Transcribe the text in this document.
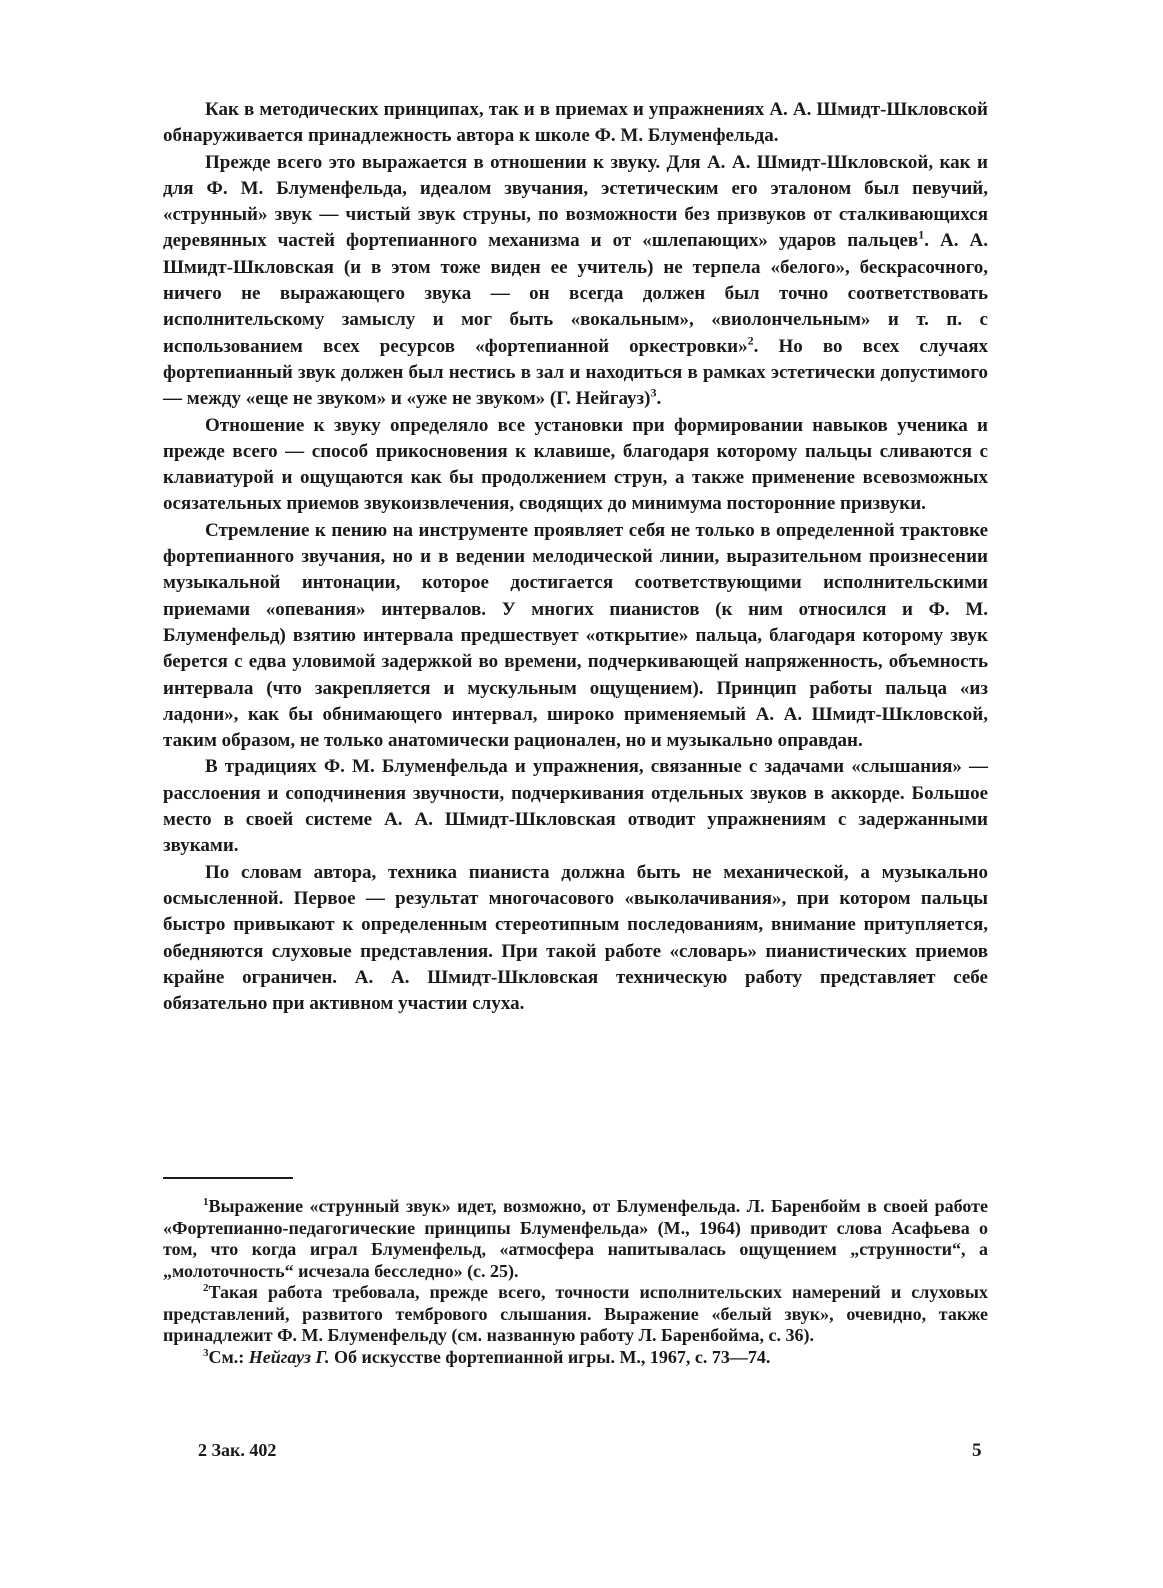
Как в методических принципах, так и в приемах и упражнениях А. А. Шмидт-Шкловской обнаруживается принадлежность автора к школе Ф. М. Блуменфельда.

Прежде всего это выражается в отношении к звуку. Для А. А. Шмидт-Шкловской, как и для Ф. М. Блуменфельда, идеалом звучания, эстетическим его эталоном был певучий, «струнный» звук — чистый звук струны, по возможности без призвуков от сталкивающихся деревянных частей фортепианного механизма и от «шлепающих» ударов пальцев$^1$. А. А. Шмидт-Шкловская (и в этом тоже виден ее учитель) не терпела «белого», бескрасочного, ничего не выражающего звука — он всегда должен был точно соответствовать исполнительскому замыслу и мог быть «вокальным», «виолончельным» и т. п. с использованием всех ресурсов «фортепианной оркестровки»$^2$. Но во всех случаях фортепианный звук должен был нестись в зал и находиться в рамках эстетически допустимого — между «еще не звуком» и «уже не звуком» (Г. Нейгауз)$^3$.

Отношение к звуку определяло все установки при формировании навыков ученика и прежде всего — способ прикосновения к клавише, благодаря которому пальцы сливаются с клавиатурой и ощущаются как бы продолжением струн, а также применение всевозможных осязательных приемов звукоизвлечения, сводящих до минимума посторонние призвуки.

Стремление к пению на инструменте проявляет себя не только в определенной трактовке фортепианного звучания, но и в ведении мелодической линии, выразительном произнесении музыкальной интонации, которое достигается соответствующими исполнительскими приемами «опевания» интервалов. У многих пианистов (к ним относился и Ф. М. Блуменфельд) взятию интервала предшествует «открытие» пальца, благодаря которому звук берется с едва уловимой задержкой во времени, подчеркивающей напряженность, объемность интервала (что закрепляется и мускульным ощущением). Принцип работы пальца «из ладони», как бы обнимающего интервал, широко применяемый А. А. Шмидт-Шкловской, таким образом, не только анатомически рационален, но и музыкально оправдан.

В традициях Ф. М. Блуменфельда и упражнения, связанные с задачами «слышания» — расслоения и соподчинения звучности, подчеркивания отдельных звуков в аккорде. Большое место в своей системе А. А. Шмидт-Шкловская отводит упражнениям с задержанными звуками.

По словам автора, техника пианиста должна быть не механической, а музыкально осмысленной. Первое — результат многочасового «выколачивания», при котором пальцы быстро привыкают к определенным стереотипным последованиям, внимание притупляется, обедняются слуховые представления. При такой работе «словарь» пианистических приемов крайне ограничен. А. А. Шмидт-Шкловская техническую работу представляет себе обязательно при активном участии слуха.

$^1$Выражение «струнный звук» идет, возможно, от Блуменфельда. Л. Баренбойм в своей работе «Фортепианно-педагогические принципы Блуменфельда» (М., 1964) приводит слова Асафьева о том, что когда играл Блуменфельд, «атмосфера напитывалась ощущением „струнности“, а „молоточность“ исчезала бесследно» (с. 25).

$^2$Такая работа требовала, прежде всего, точности исполнительских намерений и слуховых представлений, развитого тембрового слышания. Выражение «белый звук», очевидно, также принадлежит Ф. М. Блуменфельду (см. названную работу Л. Баренбойма, с. 36).

$^3$См.: Нейгауз Г. Об искусстве фортепианной игры. М., 1967, с. 73—74.

2 Зак. 402	5
